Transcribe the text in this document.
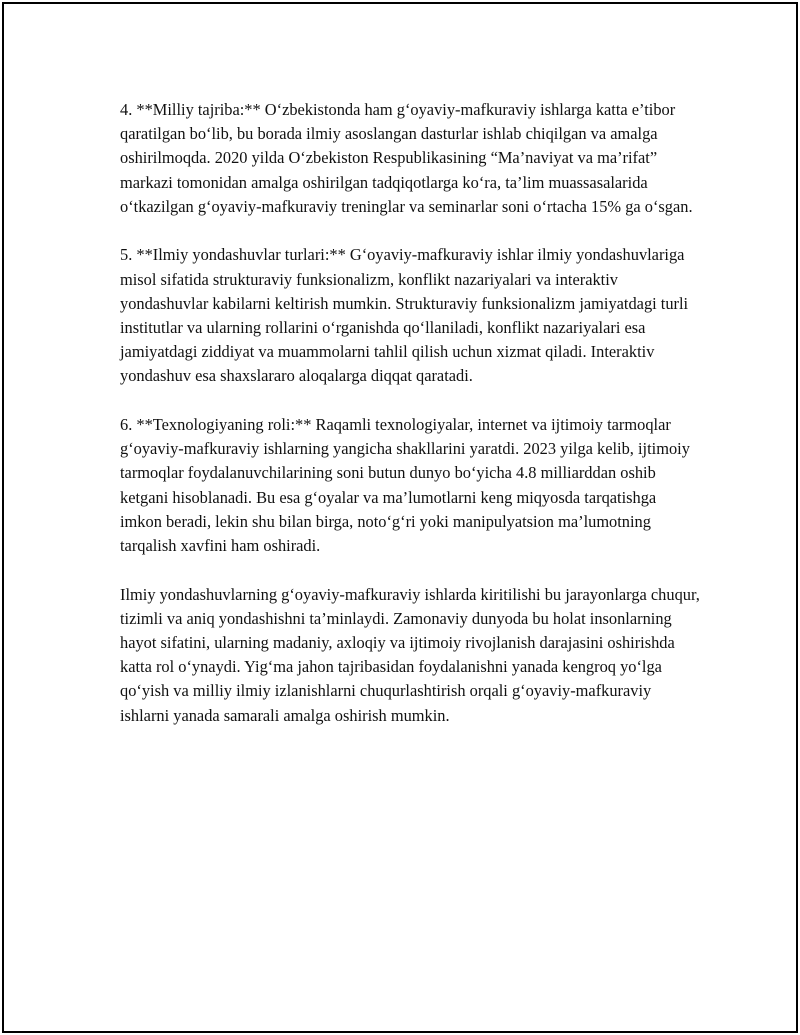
4. **Milliy tajriba:** O‘zbekistonda ham g‘oyaviy-mafkuraviy ishlarga katta e’tibor qaratilgan bo‘lib, bu borada ilmiy asoslangan dasturlar ishlab chiqilgan va amalga oshirilmoqda. 2020 yilda O‘zbekiston Respublikasining “Ma’naviyat va ma’rifat” markazi tomonidan amalga oshirilgan tadqiqotlarga ko‘ra, ta’lim muassasalarida o‘tkazilgan g‘oyaviy-mafkuraviy treninglar va seminarlar soni o‘rtacha 15% ga o‘sgan.

5. **Ilmiy yondashuvlar turlari:** G‘oyaviy-mafkuraviy ishlar ilmiy yondashuvlariga misol sifatida strukturaviy funksionalizm, konflikt nazariyalari va interaktiv yondashuvlar kabilarni keltirish mumkin. Strukturaviy funksionalizm jamiyatdagi turli institutlar va ularning rollarini o‘rganishda qo‘llaniladi, konflikt nazariyalari esa jamiyatdagi ziddiyat va muammolarni tahlil qilish uchun xizmat qiladi. Interaktiv yondashuv esa shaxslararo aloqalarga diqqat qaratadi.

6. **Texnologiyaning roli:** Raqamli texnologiyalar, internet va ijtimoiy tarmoqlar g‘oyaviy-mafkuraviy ishlarning yangicha shakllarini yaratdi. 2023 yilga kelib, ijtimoiy tarmoqlar foydalanuvchilarining soni butun dunyo bo‘yicha 4.8 milliarddan oshib ketgani hisoblanadi. Bu esa g‘oyalar va ma’lumotlarni keng miqyosda tarqatishga imkon beradi, lekin shu bilan birga, noto‘g‘ri yoki manipulyatsion ma’lumotning tarqalish xavfini ham oshiradi.

Ilmiy yondashuvlarning g‘oyaviy-mafkuraviy ishlarda kiritilishi bu jarayonlarga chuqur, tizimli va aniq yondashishni ta’minlaydi. Zamonaviy dunyoda bu holat insonlarning hayot sifatini, ularning madaniy, axloqiy va ijtimoiy rivojlanish darajasini oshirishda katta rol o‘ynaydi. Yig‘ma jahon tajribasidan foydalanishni yanada kengroq yo‘lga qo‘yish va milliy ilmiy izlanishlarni chuqurlashtirish orqali g‘oyaviy-mafkuraviy ishlarni yanada samarali amalga oshirish mumkin.
